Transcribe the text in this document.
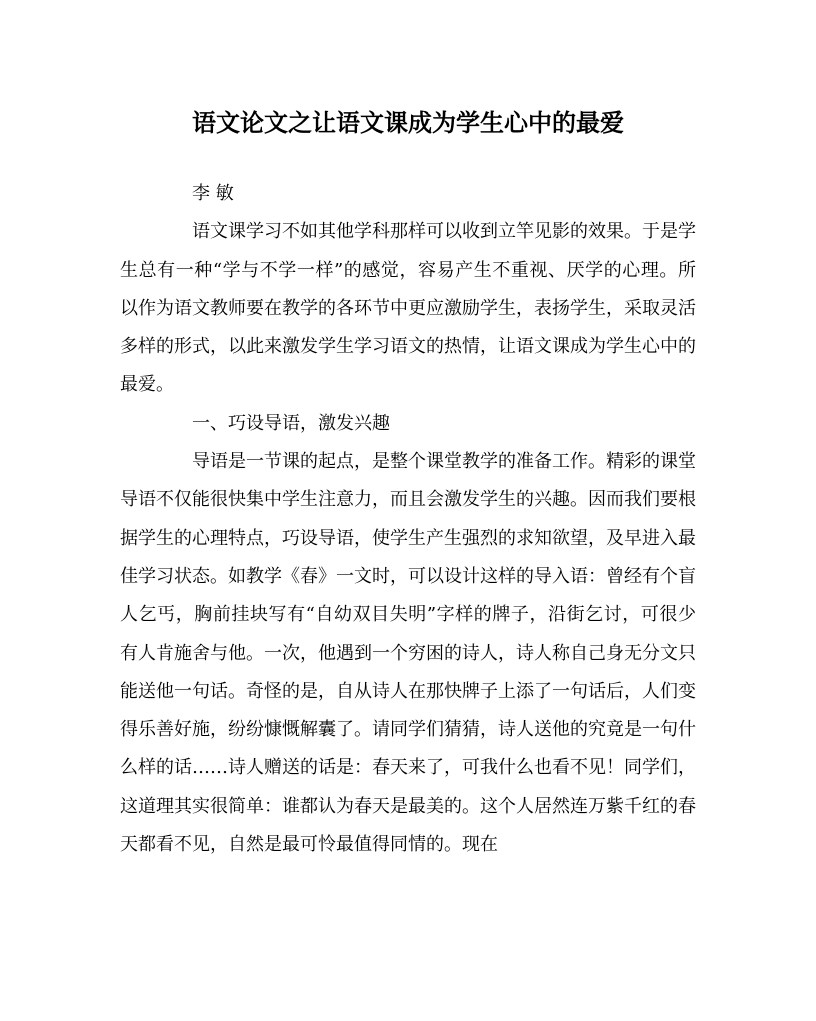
语文论文之让语文课成为学生心中的最爱

李 敏

语文课学习不如其他学科那样可以收到立竿见影的效果。于是学生总有一种“学与不学一样”的感觉，容易产生不重视、厌学的心理。所以作为语文教师要在教学的各环节中更应激励学生，表扬学生，采取灵活多样的形式，以此来激发学生学习语文的热情，让语文课成为学生心中的最爱。

一、巧设导语，激发兴趣

导语是一节课的起点，是整个课堂教学的准备工作。精彩的课堂导语不仅能很快集中学生注意力，而且会激发学生的兴趣。因而我们要根据学生的心理特点，巧设导语，使学生产生强烈的求知欲望，及早进入最佳学习状态。如教学《春》一文时，可以设计这样的导入语：曾经有个盲人乞丐，胸前挂块写有“自幼双目失明”字样的牌子，沿街乞讨，可很少有人肯施舍与他。一次，他遇到一个穷困的诗人，诗人称自己身无分文只能送他一句话。奇怪的是，自从诗人在那快牌子上添了一句话后，人们变得乐善好施，纷纷慷慨解囊了。请同学们猜猜，诗人送他的究竟是一句什么样的话……诗人赠送的话是：春天来了，可我什么也看不见！同学们，这道理其实很简单：谁都认为春天是最美的。这个人居然连万紫千红的春天都看不见，自然是最可怜最值得同情的。现在
